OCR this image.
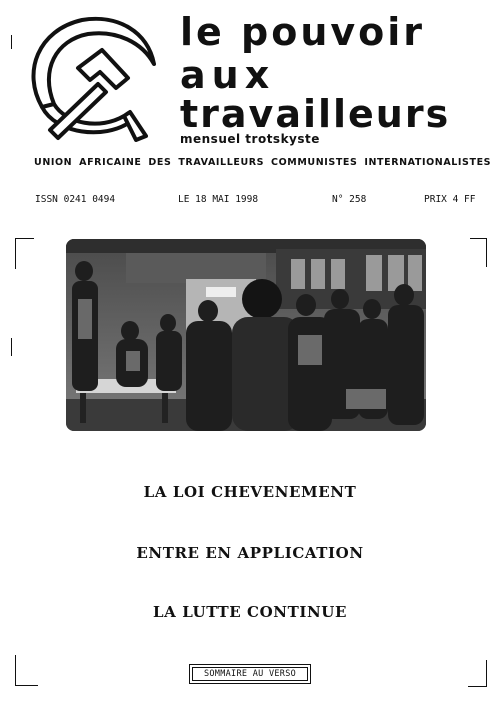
le pouvoir
aux
travailleurs
mensuel trotskyste
UNION AFRICAINE DES TRAVAILLEURS COMMUNISTES INTERNATIONALISTES
ISSN 0241 0494	LE 18 MAI 1998	N° 258	PRIX 4 FF
LA LOI CHEVENEMENT
ENTRE EN APPLICATION
LA LUTTE CONTINUE
SOMMAIRE AU VERSO
